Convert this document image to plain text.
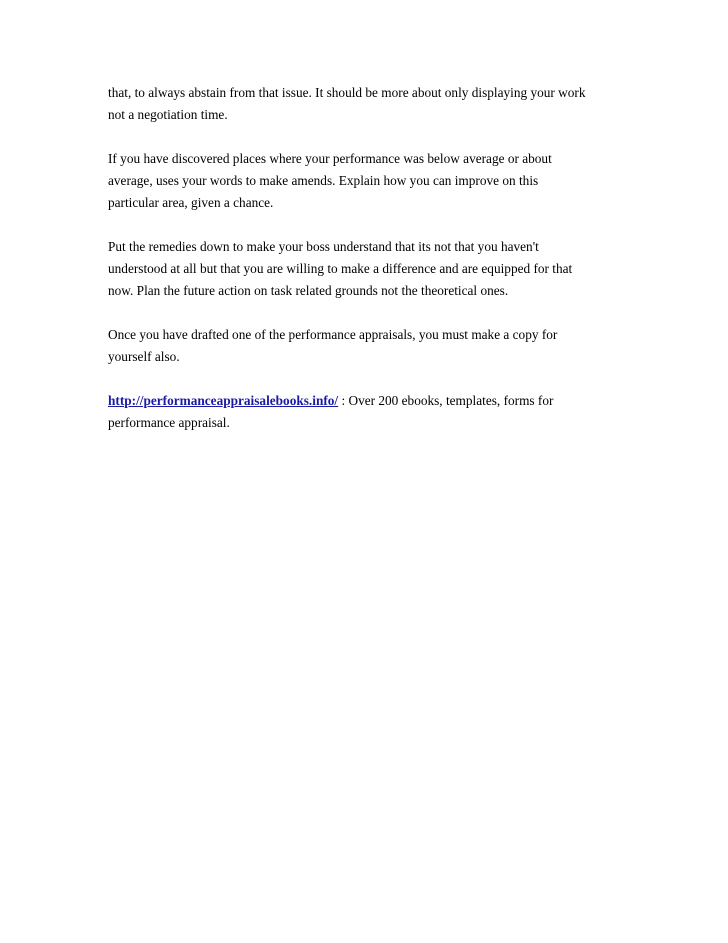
that, to always abstain from that issue. It should be more about only displaying your work
not a negotiation time.

If you have discovered places where your performance was below average or about
average, uses your words to make amends. Explain how you can improve on this
particular area, given a chance.

Put the remedies down to make your boss understand that its not that you haven't
understood at all but that you are willing to make a difference and are equipped for that
now. Plan the future action on task related grounds not the theoretical ones.

Once you have drafted one of the performance appraisals, you must make a copy for
yourself also.

http://performanceappraisalebooks.info/ : Over 200 ebooks, templates, forms for
performance appraisal.
